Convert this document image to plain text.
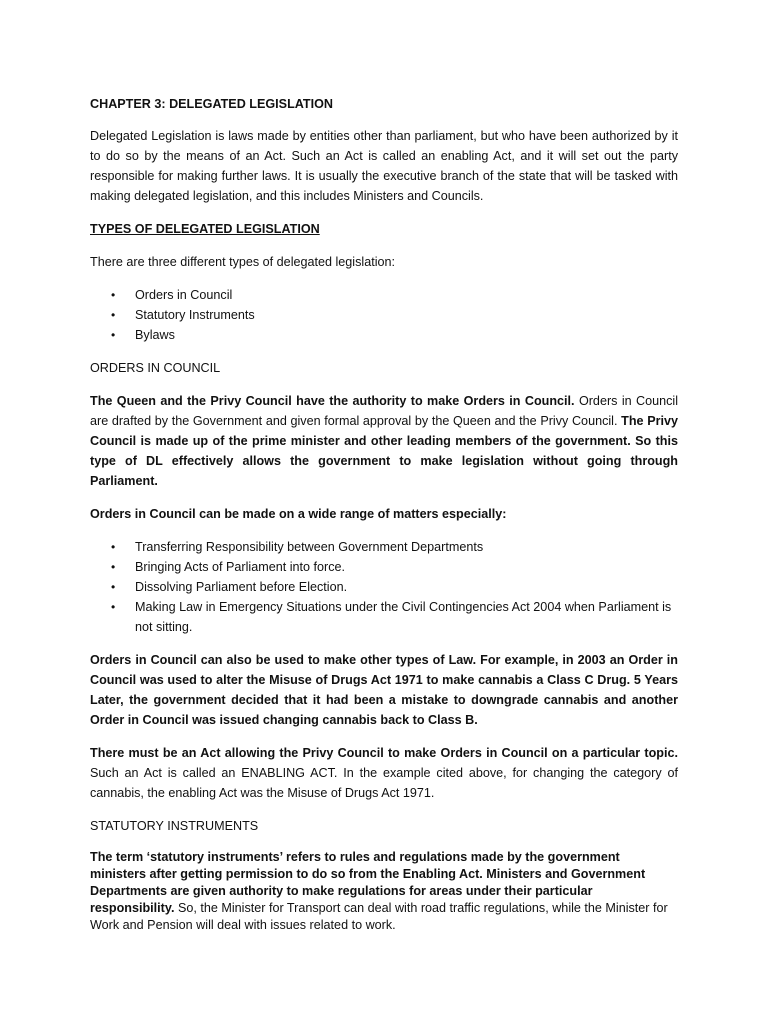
CHAPTER 3: DELEGATED LEGISLATION

Delegated Legislation is laws made by entities other than parliament, but who have been authorized by it to do so by the means of an Act. Such an Act is called an enabling Act, and it will set out the party responsible for making further laws. It is usually the executive branch of the state that will be tasked with making delegated legislation, and this includes Ministers and Councils.

TYPES OF DELEGATED LEGISLATION

There are three different types of delegated legislation:

• Orders in Council
• Statutory Instruments
• Bylaws
ORDERS IN COUNCIL

The Queen and the Privy Council have the authority to make Orders in Council. Orders in Council are drafted by the Government and given formal approval by the Queen and the Privy Council. The Privy Council is made up of the prime minister and other leading members of the government. So this type of DL effectively allows the government to make legislation without going through Parliament.

Orders in Council can be made on a wide range of matters especially:

• Transferring Responsibility between Government Departments
• Bringing Acts of Parliament into force.
• Dissolving Parliament before Election.
• Making Law in Emergency Situations under the Civil Contingencies Act 2004 when Parliament is not sitting.

Orders in Council can also be used to make other types of Law. For example, in 2003 an Order in Council was used to alter the Misuse of Drugs Act 1971 to make cannabis a Class C Drug. 5 Years Later, the government decided that it had been a mistake to downgrade cannabis and another Order in Council was issued changing cannabis back to Class B.

There must be an Act allowing the Privy Council to make Orders in Council on a particular topic. Such an Act is called an ENABLING ACT. In the example cited above, for changing the category of cannabis, the enabling Act was the Misuse of Drugs Act 1971.

STATUTORY INSTRUMENTS

The term ‘statutory instruments’ refers to rules and regulations made by the government ministers after getting permission to do so from the Enabling Act. Ministers and Government Departments are given authority to make regulations for areas under their particular responsibility. So, the Minister for Transport can deal with road traffic regulations, while the Minister for Work and Pension will deal with issues related to work.
